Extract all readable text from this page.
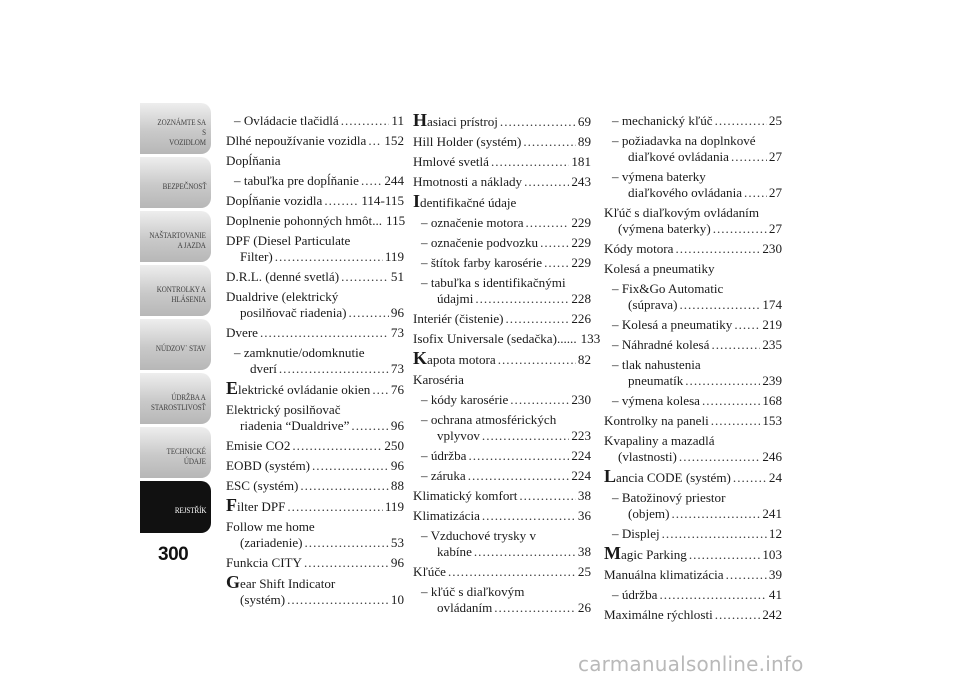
ZOZNÁMTE SA S
VOZIDLOM
BEZPEČNOSŤ
NAŠTARTOVANIE
A JAZDA
KONTROLKY A
HLÁSENIA
NÚDZOV` STAV
ÚDRŽBA A
STAROSTLIVOSŤ
TECHNICKÉ
ÚDAJE
REJSTŘÍK
300
– Ovládacie tlačidlá .....	11
Dlhé nepoužívanie vozidla ..... 152
Dopĺňania
– tabuľka pre dopĺňanie ..... 244
Dopĺňanie vozidla .....	114-115
Doplnenie pohonných hmôt... 115
DPF (Diesel Particulate
Filter) .....	119
D.R.L. (denné svetlá) .....	51
Dualdrive (elektrický
posilňovač riadenia) .....	96
Dvere .....	73
– zamknutie/odomknutie
dverí .....	73
Elektrické ovládanie okien ..... 76
Elektrický posilňovač
riadenia “Dualdrive” .....	96
Emisie CO2 .....	250
EOBD (systém) .....	96
ESC (systém) .....	88
Filter DPF .....	119
Follow me home
(zariadenie) .....	53
Funkcia CITY .....	96
Gear Shift Indicator
(systém) .....	10
Hasiaci prístroj .....	69
Hill Holder (systém) .....	89
Hmlové svetlá .....	181
Hmotnosti a náklady .....	243
Identifikačné údaje
– označenie motora .....	229
– označenie podvozku .....	229
– štítok farby karosérie ..... 229
– tabuľka s identifikačnými
údajmi .....	228
Interiér (čistenie) .....	226
Isofix Universale (sedačka)...... 133
Kapota motora .....	82
Karoséria
– kódy karosérie .....	230
– ochrana atmosférických
vplyvov .....	223
– údržba .....	224
– záruka .....	224
Klimatický komfort .....	38
Klimatizácia .....	36
– Vzduchové trysky v
kabíne .....	38
Kľúče .....	25
– kľúč s diaľkovým
ovládaním .....	26
– mechanický kľúč .....	25
– požiadavka na doplnkové
diaľkové ovládania .....	27
– výmena baterky
diaľkového ovládania ..... 27
Kľúč s diaľkovým ovládaním
(výmena baterky) .....	27
Kódy motora .....	230
Kolesá a pneumatiky
– Fix&Go Automatic
(súprava) .....	174
– Kolesá a pneumatiky ..... 219
– Náhradné kolesá .....	235
– tlak nahustenia
pneumatík .....	239
– výmena kolesa .....	168
Kontrolky na paneli .....	153
Kvapaliny a mazadlá
(vlastnosti) .....	246
Lancia CODE (systém) .....	24
– Batožinový priestor
(objem) .....	241
– Displej .....	12
Magic Parking .....	103
Manuálna klimatizácia .....	39
– údržba .....	41
Maximálne rýchlosti .....	242
carmanualsonline.info
